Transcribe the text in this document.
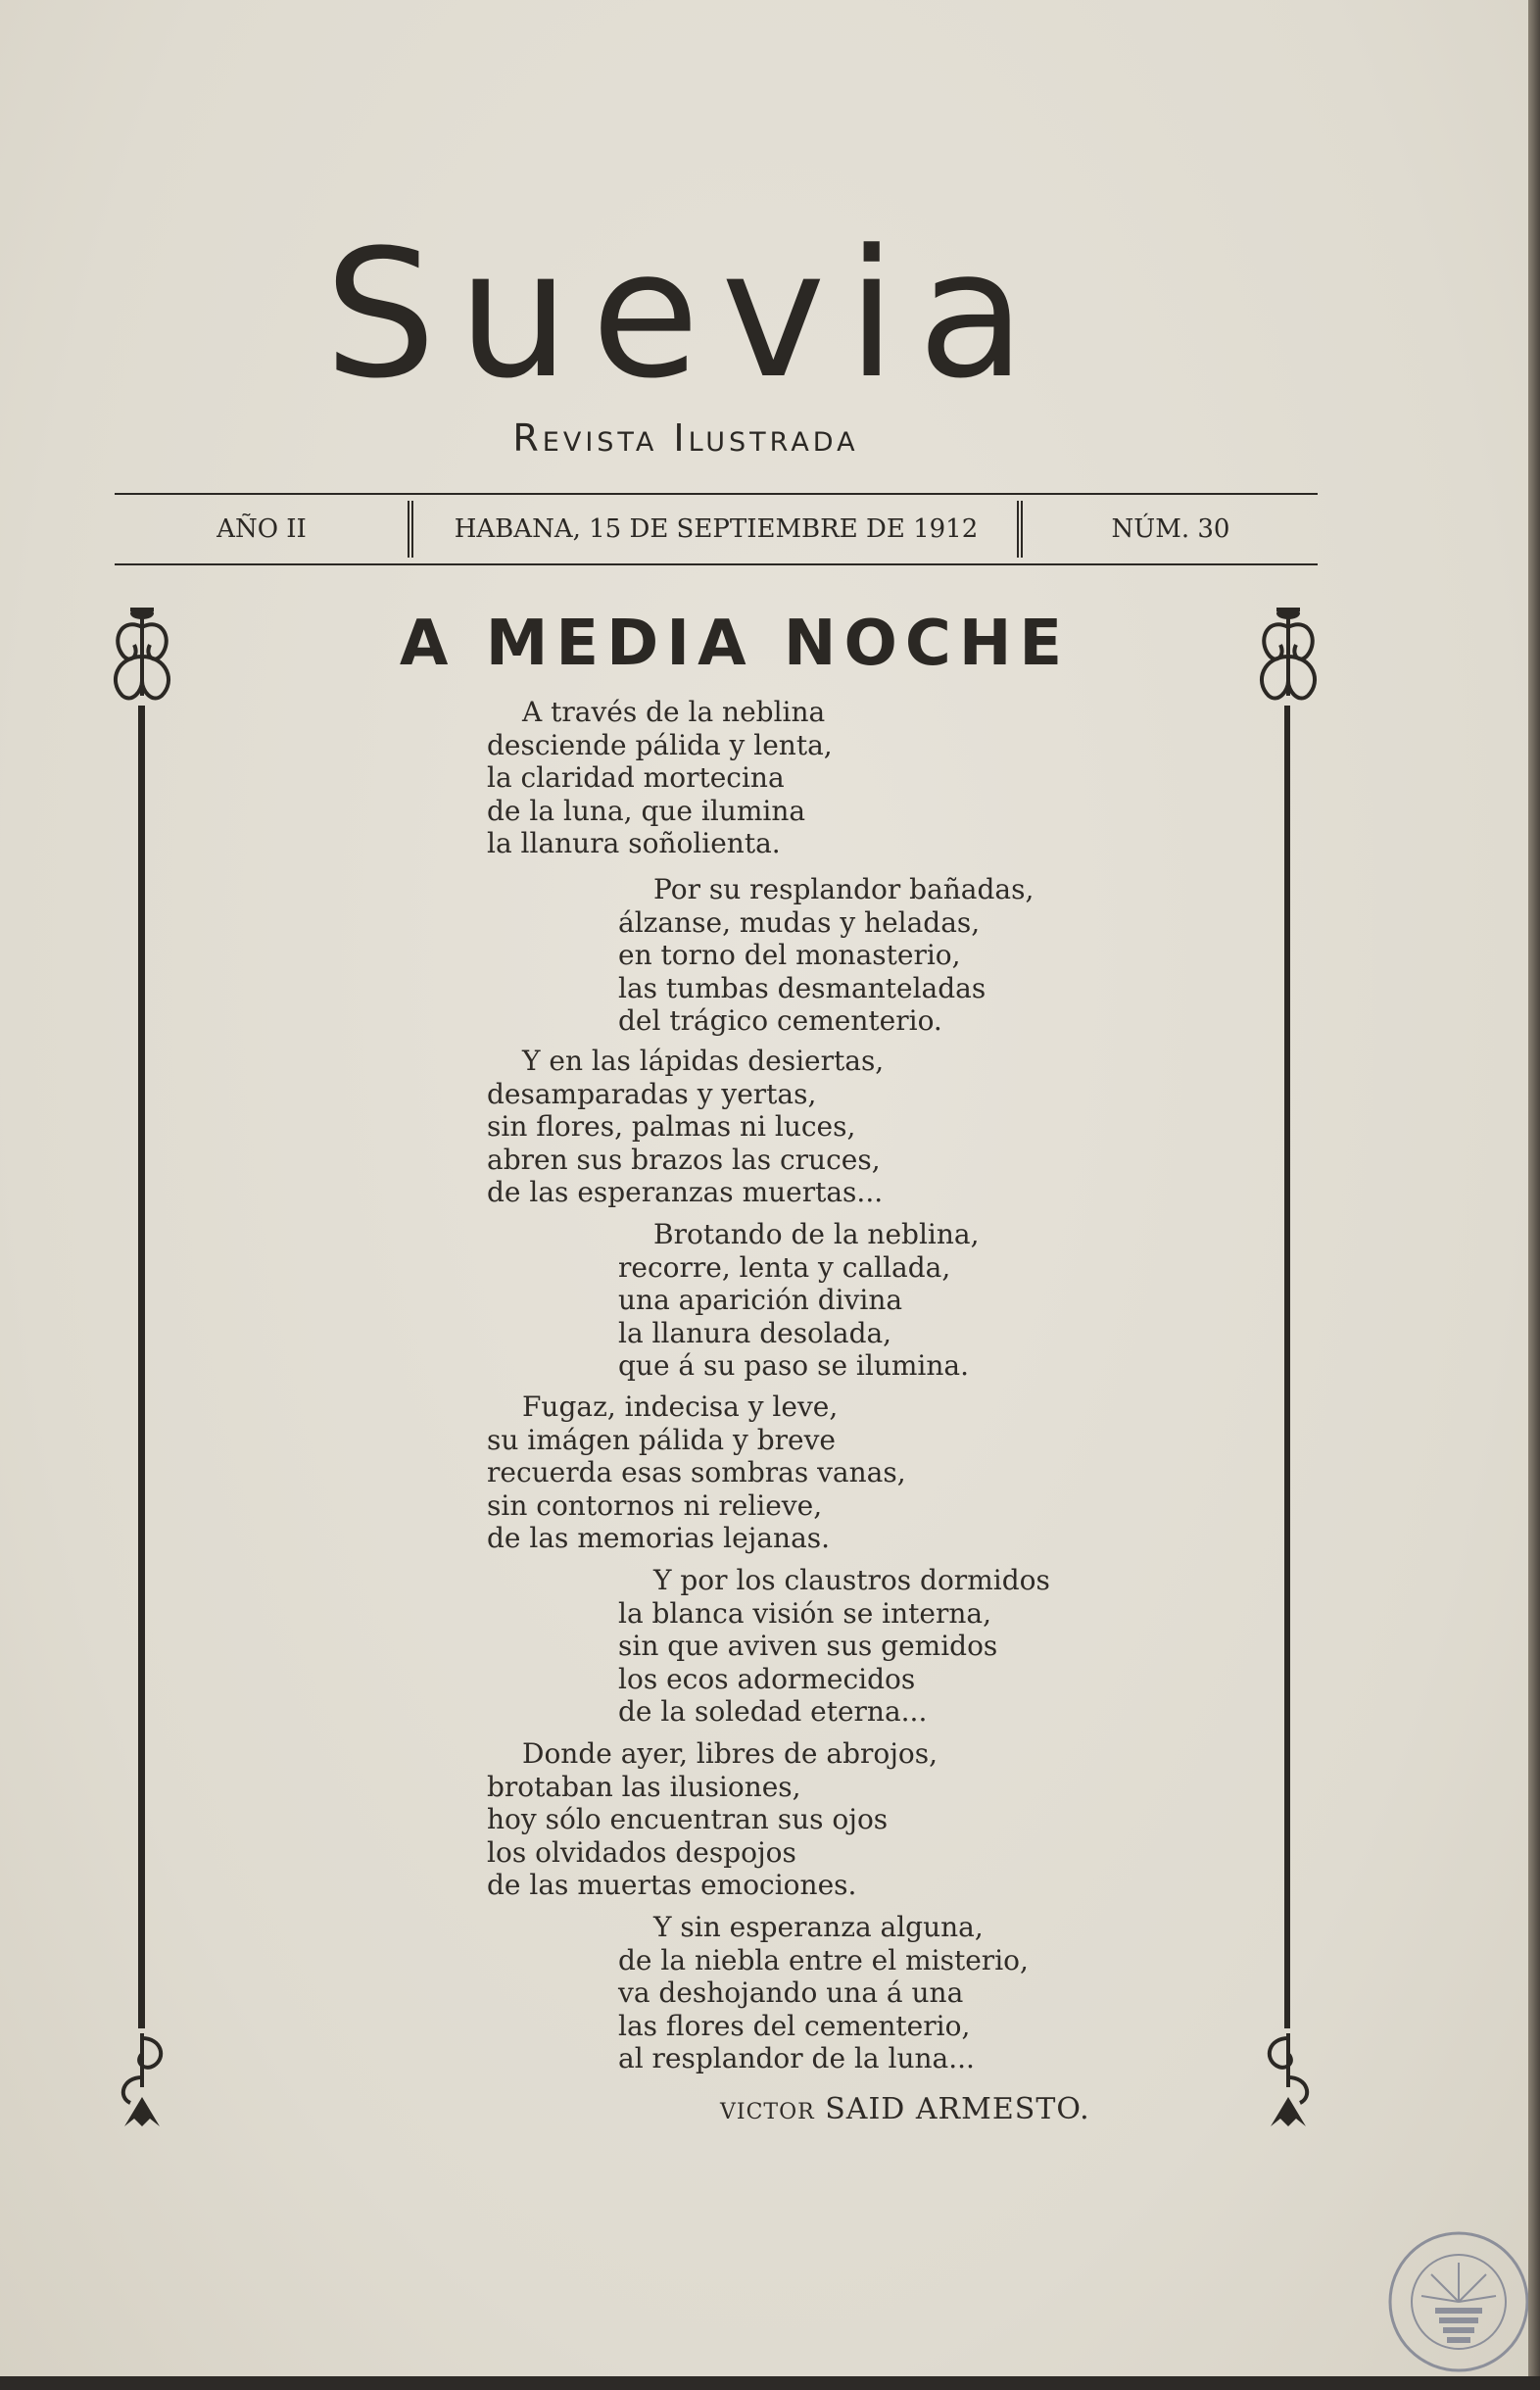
Suevia
Revista Ilustrada
AÑO II	HABANA, 15 DE SEPTIEMBRE DE 1912	NÚM. 30
A MEDIA NOCHE
A través de la neblina
desciende pálida y lenta,
la claridad mortecina
de la luna, que ilumina
la llanura soñolienta.
Por su resplandor bañadas,
álzanse, mudas y heladas,
en torno del monasterio,
las tumbas desmanteladas
del trágico cementerio.
Y en las lápidas desiertas,
desamparadas y yertas,
sin flores, palmas ni luces,
abren sus brazos las cruces,
de las esperanzas muertas...
Brotando de la neblina,
recorre, lenta y callada,
una aparición divina
la llanura desolada,
que á su paso se ilumina.
Fugaz, indecisa y leve,
su imágen pálida y breve
recuerda esas sombras vanas,
sin contornos ni relieve,
de las memorias lejanas.
Y por los claustros dormidos
la blanca visión se interna,
sin que aviven sus gemidos
los ecos adormecidos
de la soledad eterna...
Donde ayer, libres de abrojos,
brotaban las ilusiones,
hoy sólo encuentran sus ojos
los olvidados despojos
de las muertas emociones.
Y sin esperanza alguna,
de la niebla entre el misterio,
va deshojando una á una
las flores del cementerio,
al resplandor de la luna...
VICTOR SAID ARMESTO.
